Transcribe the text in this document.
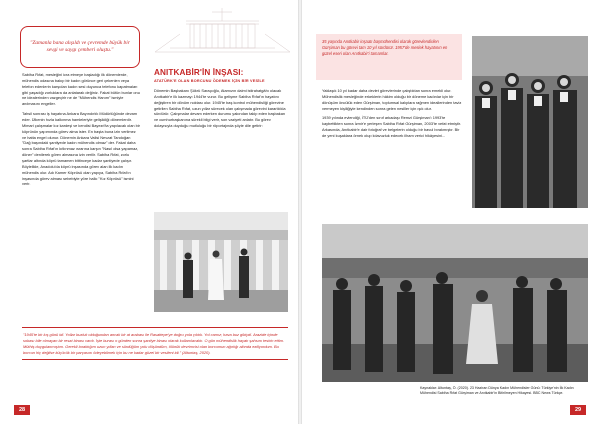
"Zamanla bana alışıldı ve çevremde büyük bir sevgi ve saygı çemberi oluştu."

Sabiha Rıfat, mesleğini icra etmeye başladığı ilk dönemlerde, mühendis odasına bakıp bir kadın görünce geri çekenlen veya telefon edenlerin karşıdan kadın sesi duyunca telefonu kapatmaları gibi yaşadığı zorluklara da anlatarak değiniz. Fakat bütün bunlar onu ne idealerinden vazgeçirir ne de "Mühendis Hanım" ismiyle anılmasını engeller.

Tahsil sonrası iş hayatına Ankara Bayındırlık Müdürlüğünde devam eder. Ülkenin hızla kalkınma hamleleriyle gelişildiği dönemlerdir. Mimari çalışmalar kız kardeşi ve kendisi Bayezıt'ta yapılacak olan bir köprünün yapımında görev alma ister. En başta buna izin verilmez ve hatta engel olunur. Dönemin Ankara Valisi Nevzat Tandoğan "Dağ başındaki şantiyede kadın mühendis olmaz" der. Fakat daha sonra Sabiha Rıfat'ın kıtlınmaz ısrarına karşın "Nasıl olsa yapamaz, döner" denilerek görev almasına izin verilir. Sabiha Rıfat, zorlu şartlar altında köprü tamamen bittinceye kadar şantiyede çalışır. Böylelikle, Anadolu'da köprü inşasında görev alan ilk kadın mühendis olur. Adı Kamer Köprüsü olan yapıya, Sabiha Rıfat'ın inşasında görev alması sebebiyle yöre halkı "Kız Köprüsü" ismini verir.

ANITKABİR'İN İNŞASI:
ATATÜRK'E OLAN BORCUNU ÖDEMEK İÇİN BİR VESİLE

Dönemin Başbakanı Şükrü Saraçoğlu, Atamızın daimi istirahatgâhı olacak Anıtkabir'e ilk kazmayı 1944'te vurur. Bu gelişme Sabiha Rıfat'ın hayatını değiştiren bir dönüm noktası olur. 1945'te baş kontrol mühendisliği görevine getirilen Sabiha Rıfat, uzun yıllar sürecek olan çalışmada görevini kararlılıkla sürdürür. Çalışmalar devam ederken durumu yakından takip eden başbakan ve cumhurbaşkanına sürekli bilgi verir, son vaziyeti anlatır. Bu görev dolayısıyla duyduğu mutluluğu bir röportajında şöyle dile getirir:

"1945'te bir kış günü idi. Yollar buzluk olduğundan ancak bir at arabası ile Rasattepe'ye doğru yola çıktık. Yol camız; hava buz gibiydi. Arazide içinde sobası bile olmayan bir resat binası vardı. İşte burası o günden sonra şantiye binası olarak kullanılacaktı. O gün mühendislik hayatı şahsını tesirin ettim. Müthiş duygulanmıştım. Gerekli bıraktığım uzun yıllan ve sürdüğüm yolu düşündüm, ölünük devrimcisi olan borcumun ağırlığı altında eziliyordum. Bu borcun hiç değilse küçücük bir parçasını ödeyebilmek için bu ne kadar güzel bir vesileni idi." (Altuntaş, 2020).

28

35 yaşında Anıtkabir inşaatı başmühendisi olarak görevlendirilen Gürşiman bu görevi tam 10 yıl sürdürür. 1957'de meslek hayatının en güzel eseri olan Anıtkabir'i tamamlar.

Yaklaşık 10 yıl kadar daha devlet görevlerinde çalıştıktan sonra emekli olur. Mühendislik mesleğinde erkeklerin hâkim olduğu bir döneme kadınlar için bir dönüşüm öncülük eden Gürşiman, toplumsal kalıplara rağmen ideallerinden taviz vermeyen kişiliğiyle kendinden sonra gelen nesiller için ışık olur.

1939 yılında evlendiği, İTÜ'den sınıf arkadaşı Remzi Gürşiman'ı 1993'te kaybettikten sonra İzmir'e yerleşen Sabiha Rıfat Gürşiman, 2003'te vefat etmiştir. Arkasında, Anıtkabir'e dair fotoğraf ve belgelerin olduğu bir bavul bırakmıştır. Bir de yeni kuşaklara örnek olup kılavuzluk edecek ilham verici hikâyesini...

Kaynaklar: Altuntaş, Ö. (2020). 23 Haziran Dünya Kadın Mühendisler Günü: Türkiye'nin İlk Kadın Mühendisi Sabiha Rıfat Gürşiman ve Anıtkabir'in Bitirilmeyen Hikayesi. BBC News Türkçe.

29
